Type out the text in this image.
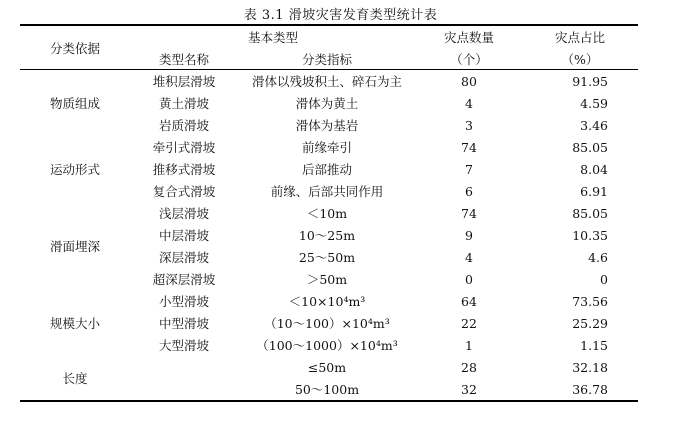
表 3.1 滑坡灾害发育类型统计表
分类依据	基本类型		灾点数量	灾点占比
	类型名称	分类指标	（个）	（%）
物质组成	堆积层滑坡	滑体以残坡积土、碎石为主	80	91.95
	黄土滑坡	滑体为黄土	4	4.59
	岩质滑坡	滑体为基岩	3	3.46
运动形式	牵引式滑坡	前缘牵引	74	85.05
	推移式滑坡	后部推动	7	8.04
	复合式滑坡	前缘、后部共同作用	6	6.91
滑面埋深	浅层滑坡	＜10m	74	85.05
	中层滑坡	10～25m	9	10.35
	深层滑坡	25～50m	4	4.6
	超深层滑坡	＞50m	0	0
规模大小	小型滑坡	＜10×10⁴m³	64	73.56
	中型滑坡	（10～100）×10⁴m³	22	25.29
	大型滑坡	（100～1000）×10⁴m³	1	1.15
长度		≤50m	28	32.18
		50～100m	32	36.78
